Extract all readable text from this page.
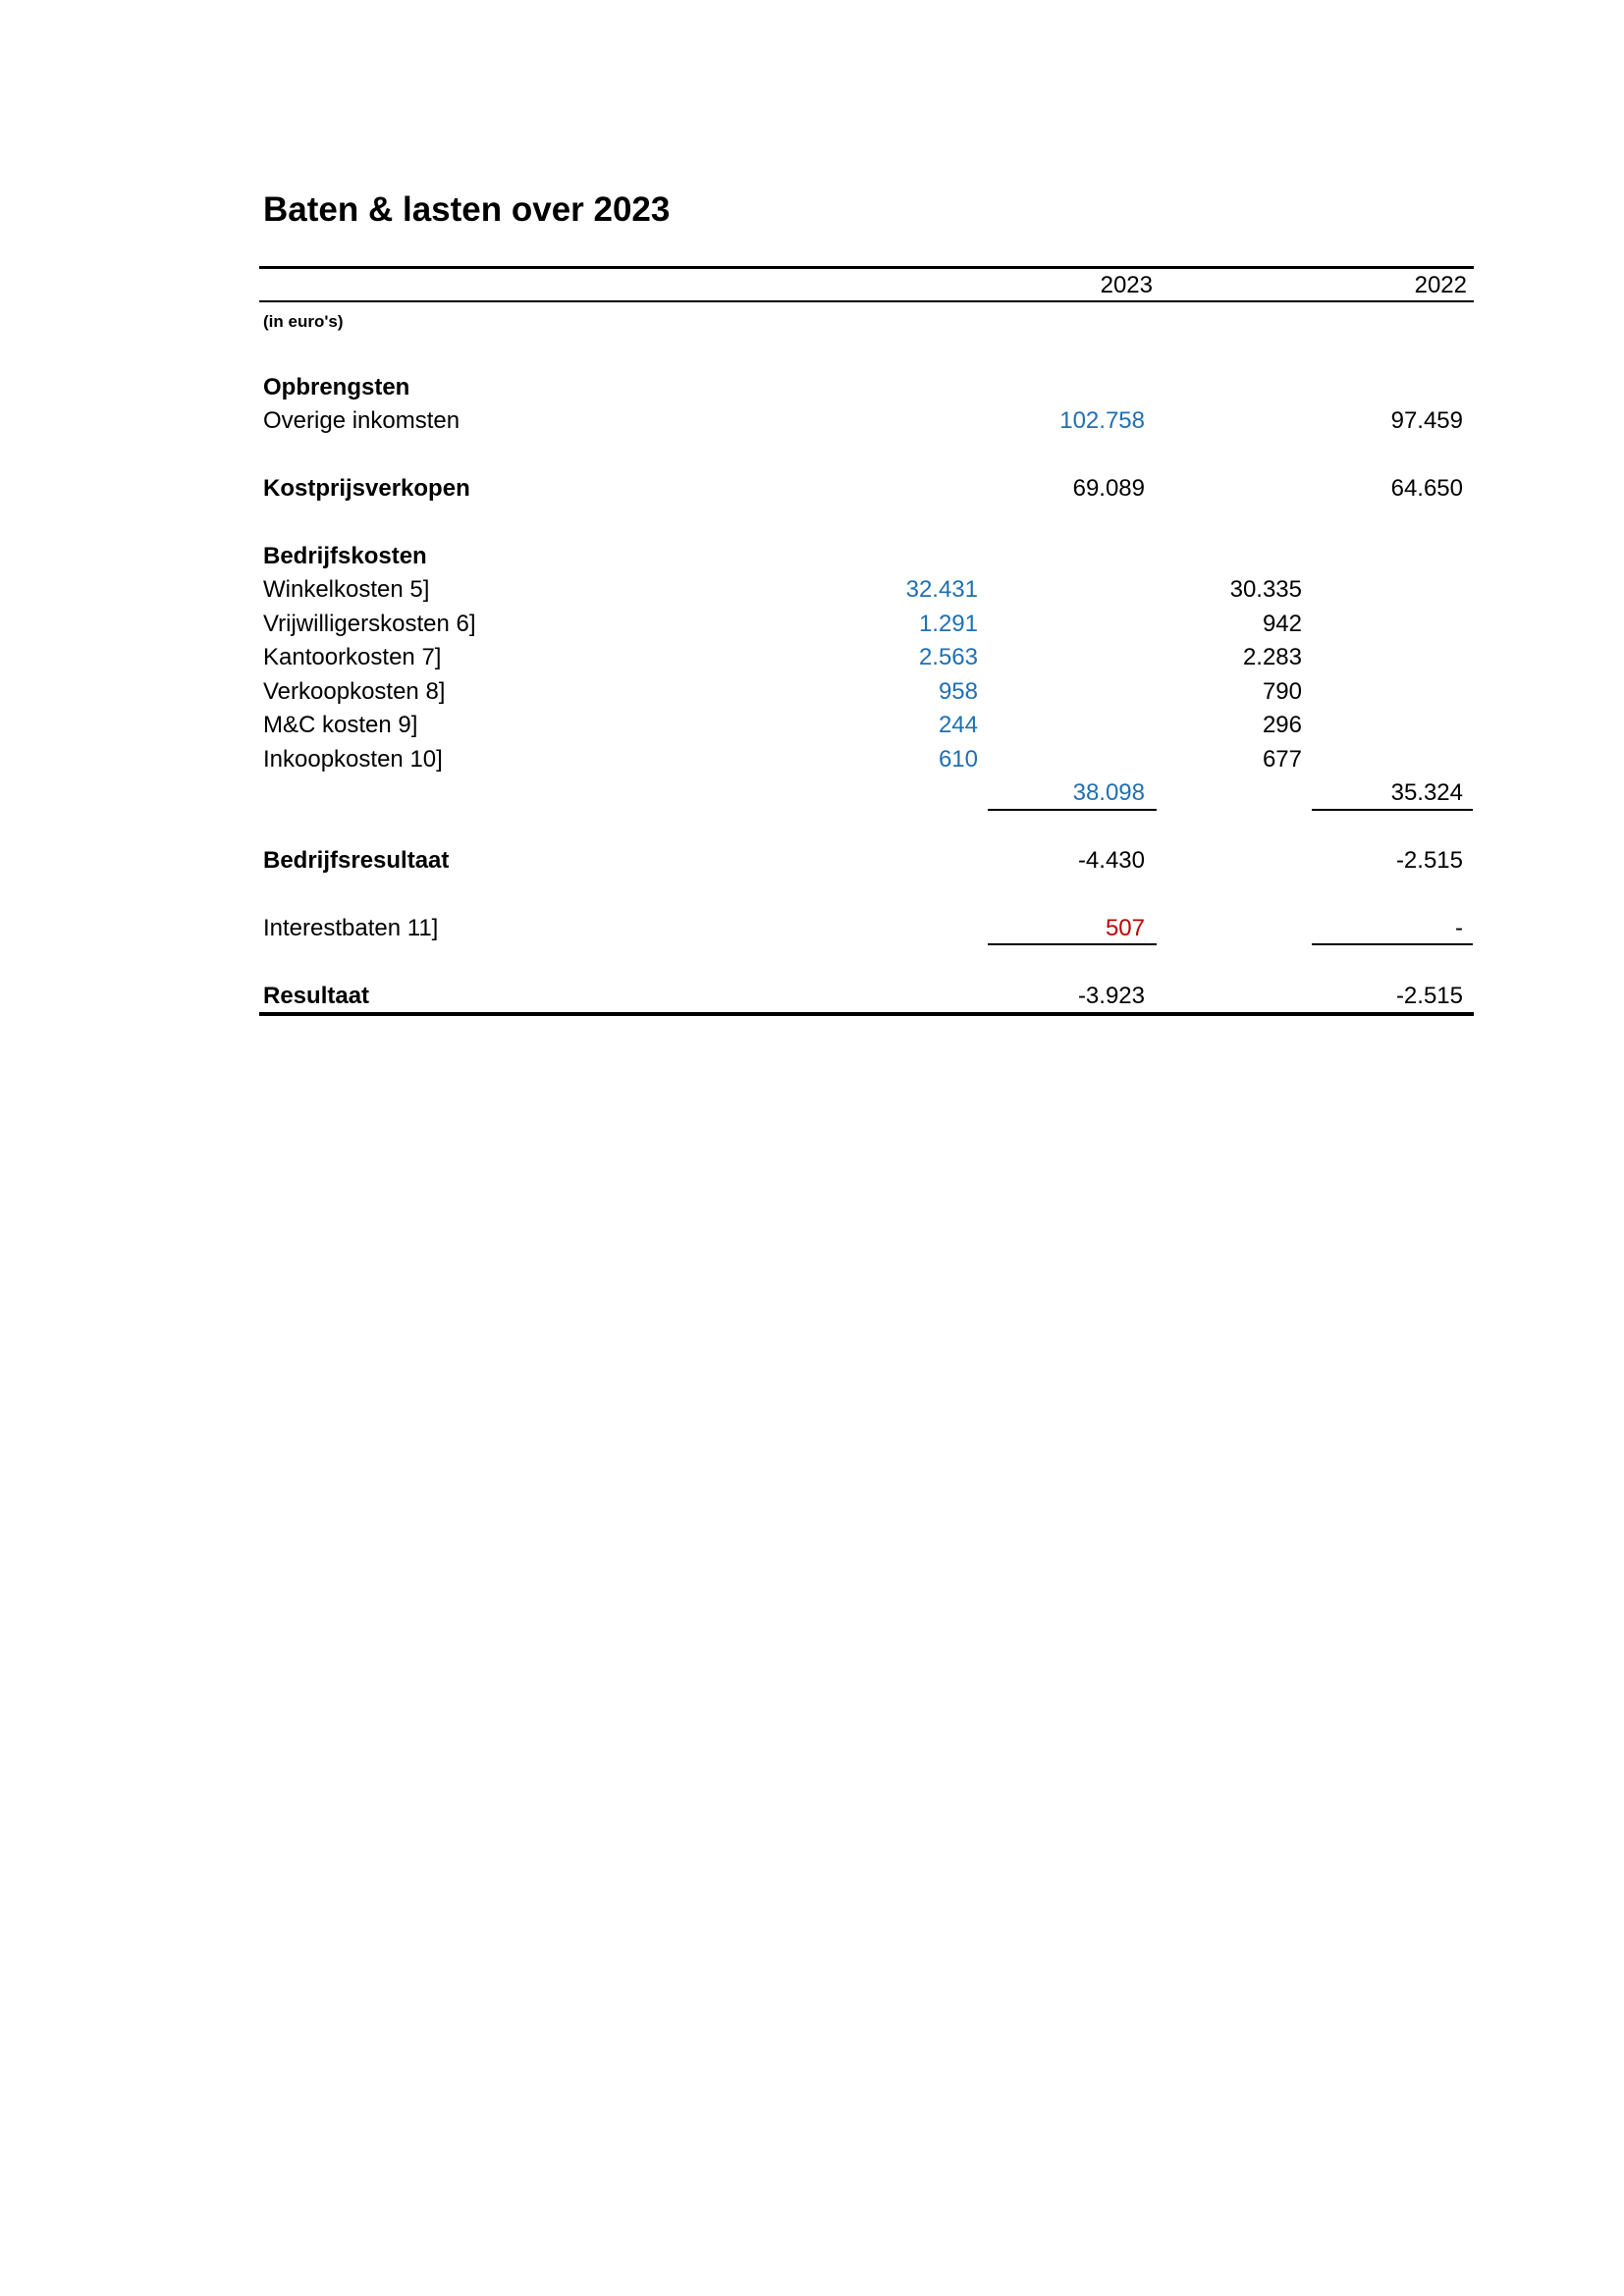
Baten & lasten over 2023
2023	2022
(in euro's)
Opbrengsten
Overige inkomsten	102.758	97.459
Kostprijsverkopen	69.089	64.650
Bedrijfskosten
Winkelkosten 5]	32.431	30.335
Vrijwilligerskosten 6]	1.291	942
Kantoorkosten 7]	2.563	2.283
Verkoopkosten 8]	958	790
M&C kosten 9]	244	296
Inkoopkosten 10]	610	677
38.098	35.324
Bedrijfsresultaat	-4.430	-2.515
Interestbaten 11]	507	-
Resultaat	-3.923	-2.515
